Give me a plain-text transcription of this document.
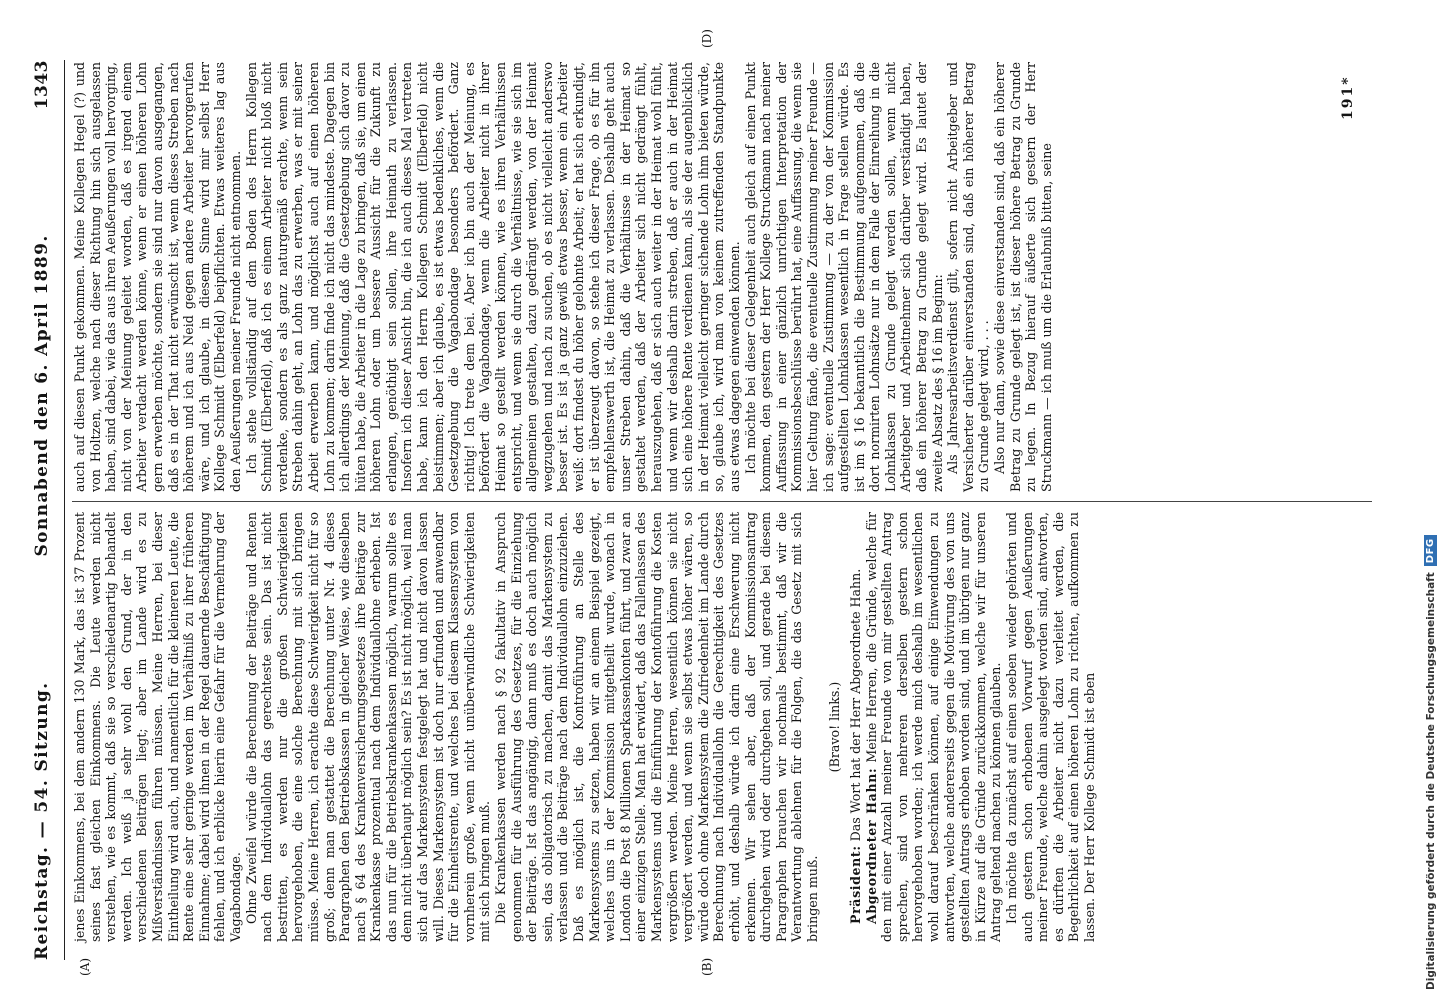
Reichstag. — 54. Sitzung.
Sonnabend den 6. April 1889.
1343
(A)	(B)
(D)

jenes Einkommens, bei dem andern 130 Mark, das ist 37 Prozent seines fast gleichen Einkommens. Die Leute werden nicht verstehen, wie es kommt, daß sie so verschiedenartig behandelt werden. Ich weiß ja sehr wohl den Grund, der in den verschiedenen Beiträgen liegt; aber im Lande wird es zu Mißverständnissen führen müssen. Meine Herren, bei dieser Eintheilung wird auch, und namentlich für die kleineren Leute, die Rente eine sehr geringe werden im Verhältniß zu ihrer früheren Einnahme; dabei wird ihnen in der Regel dauernde Beschäftigung fehlen, und ich erblicke hierin eine Gefahr für die Vermehrung der Vagabondage. Ohne Zweifel würde die Berechnung der Beiträge und Renten nach dem Individuallohn das gerechteste sein. Das ist nicht bestritten, es werden nur die großen Schwierigkeiten hervorgehoben, die eine solche Berechnung mit sich bringen müsse. Meine Herren, ich erachte diese Schwierigkeit nicht für so groß; denn man gestattet die Berechnung unter Nr. 4 dieses Paragraphen den Betriebskassen in gleicher Weise, wie dieselben nach § 64 des Krankenversicherungsgesetzes ihre Beiträge zur Krankenkasse prozentual nach dem Individuallohne erheben. Ist das nun für die Betriebskrankenkassen möglich, warum sollte es denn nicht überhaupt möglich sein? Es ist nicht möglich, weil man sich auf das Markensystem festgelegt hat und nicht davon lassen will. Dieses Markensystem ist doch nur erfunden und anwendbar für die Einheitsrente, und welches bei diesem Klassensystem von vornherein große, wenn nicht unüberwindliche Schwierigkeiten mit sich bringen muß. Die Krankenkassen werden nach § 92 fakultativ in Anspruch genommen für die Ausführung des Gesetzes, für die Einziehung der Beiträge. Ist das angängig, dann muß es doch auch möglich sein, das obligatorisch zu machen, damit das Markensystem zu verlassen und die Beiträge nach dem Individuallohn einzuziehen. Daß es möglich ist, die Kontroführung an Stelle des Markensystems zu setzen, haben wir an einem Beispiel gezeigt, welches uns in der Kommission mitgetheilt wurde, wonach in London die Post 8 Millionen Sparkassenkonten führt, und zwar an einer einzigen Stelle. Man hat erwidert, daß das Fallenlassen des Markensystems und die Einführung der Kontoführung die Kosten vergrößern werden. Meine Herren, wesentlich können sie nicht vergrößert werden, und wenn sie selbst etwas höher wären, so würde doch ohne Markensystem die Zufriedenheit im Lande durch Berechnung nach Individuallohn die Gerechtigkeit des Gesetzes erhöht, und deshalb würde ich darin eine Erschwerung nicht erkennen. Wir sehen aber, daß der Kommissionsantrag durchgehen wird oder durchgehen soll, und gerade bei diesem Paragraphen brauchen wir nochmals bestimmt, daß wir die Verantwortung ablehnen für die Folgen, die das Gesetz mit sich bringen muß.

(Bravo! links.)

Präsident: Das Wort hat der Herr Abgeordnete Hahn.

Abgeordneter Hahn: Meine Herren, die Gründe, welche für den mit einer Anzahl meiner Freunde von mir gestellten Antrag sprechen, sind von mehreren derselben gestern schon hervorgehoben worden; ich werde mich deshalb im wesentlichen wohl darauf beschränken können, auf einige Einwendungen zu antworten, welche andererseits gegen die Motivirung des von uns gestellten Antrags erhoben worden sind, und im übrigen nur ganz in Kürze auf die Gründe zurückkommen, welche wir für unseren Antrag geltend machen zu können glauben. Ich möchte da zunächst auf einen soeben wieder gehörten und auch gestern schon erhobenen Vorwurf gegen Aeußerungen meiner Freunde, welche dahin ausgelegt worden sind, antworten, es dürften die Arbeiter nicht dazu verleitet werden, die Begehrlichkeit auf einen höheren Lohn zu richten, aufkommen zu lassen. Der Herr Kollege Schmidt ist eben

auch auf diesen Punkt gekommen. Meine Kollegen Hegel (?) und von Holtzen, welche nach dieser Richtung hin sich ausgelassen haben, sind dabei, wie das aus ihren Aeußerungen voll hervorging, nicht von der Meinung geleitet worden, daß es irgend einem Arbeiter verdacht werden könne, wenn er einen höheren Lohn gern erwerben möchte, sondern sie sind nur davon ausgegangen, daß es in der That nicht erwünscht ist, wenn dieses Streben nach höherem und ich aus Neid gegen andere Arbeiter hervorgerufen wäre, und ich glaube, in diesem Sinne wird mir selbst Herr Kollege Schmidt (Elberfeld) beipflichten. Etwas weiteres lag aus den Aeußerungen meiner Freunde nicht entnommen. Ich stehe vollständig auf dem Boden des Herrn Kollegen Schmidt (Elberfeld), daß ich es einem Arbeiter nicht bloß nicht verdenke, sondern es als ganz naturgemäß erachte, wenn sein Streben dahin geht, an Lohn das zu erwerben, was er mit seiner Arbeit erwerben kann, und möglichst auch auf einen höheren Lohn zu kommen; darin finde ich nicht das mindeste. Dagegen bin ich allerdings der Meinung, daß die Gesetzgebung sich davor zu hüten habe, die Arbeiter in die Lage zu bringen, daß sie, um einen höheren Lohn oder um bessere Aussicht für die Zukunft zu erlangen, genöthigt sein sollen, ihre Heimath zu verlassen. Insofern ich dieser Ansicht bin, die ich auch dieses Mal vertreten habe, kann ich den Herrn Kollegen Schmidt (Elberfeld) nicht beistimmen; aber ich glaube, es ist etwas bedenkliches, wenn die Gesetzgebung die Vagabondage besonders befördert. Ganz richtig! Ich trete dem bei. Aber ich bin auch der Meinung, es befördert die Vagabondage, wenn die Arbeiter nicht in ihrer Heimat so gestellt werden können, wie es ihren Verhältnissen entspricht, und wenn sie durch die Verhältnisse, wie sie sich im allgemeinen gestalten, dazu gedrängt werden, von der Heimat wegzugehen und nach zu suchen, ob es nicht vielleicht anderswo besser ist. Es ist ja ganz gewiß etwas besser, wenn ein Arbeiter weiß: dort findest du höher gelohnte Arbeit; er hat sich erkundigt, er ist überzeugt davon, so stehe ich dieser Frage, ob es für ihn empfehlenswerth ist, die Heimat zu verlassen. Deshalb geht auch unser Streben dahin, daß die Verhältnisse in der Heimat so gestaltet werden, daß der Arbeiter sich nicht gedrängt fühlt, herauszugehen, daß er sich auch weiter in der Heimat wohl fühlt, und wenn wir deshalb darin streben, daß er auch in der Heimat sich eine höhere Rente verdienen kann, als sie der augenblicklich in der Heimat vielleicht geringer sichende Lohn ihm bieten würde, so, glaube ich, wird man von keinem zutreffenden Standpunkte aus etwas dagegen einwenden können. Ich möchte bei dieser Gelegenheit auch gleich auf einen Punkt kommen, den gestern der Herr Kollege Struckmann nach meiner Auffassung in einer gänzlich unrichtigen Interpretation der Kommissionsbeschlüsse berührt hat, eine Auffassung, die wenn sie hier Geltung fände, die eventuelle Zustimmung meiner Freunde — ich sage: eventuelle Zustimmung — zu der von der Kommission aufgestellten Lohnklassen wesentlich in Frage stellen würde. Es ist im § 16 bekanntlich die Bestimmung aufgenommen, daß die dort normirten Lohnsätze nur in dem Falle der Einreihung in die Lohnklassen zu Grunde gelegt werden sollen, wenn nicht Arbeitgeber und Arbeitnehmer sich darüber verständigt haben, daß ein höherer Betrag zu Grunde gelegt wird. Es lautet der zweite Absatz des § 16 im Beginn: Als Jahresarbeitsverdienst gilt, sofern nicht Arbeitgeber und Versicherter darüber einverstanden sind, daß ein höherer Betrag zu Grunde gelegt wird, . . . Also nur dann, sowie diese einverstanden sind, daß ein höherer Betrag zu Grunde gelegt ist, ist dieser höhere Betrag zu Grunde zu legen. In Bezug hierauf äußerte sich gestern der Herr Struckmann — ich muß um die Erlaubniß bitten, seine

191*
Digitalisierung gefördert durch die Deutsche Forschungsgemeinschaft
DFG
